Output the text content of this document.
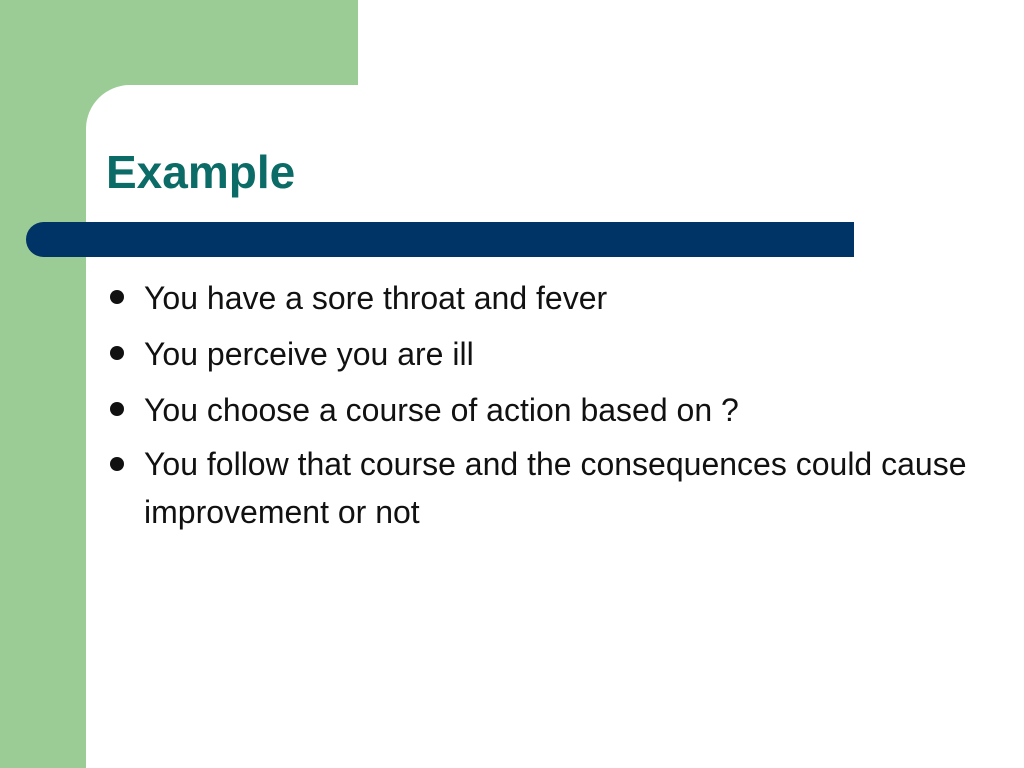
Example
You have a sore throat and fever
You perceive you are ill
You choose a course of action based on ?
You follow that course and the consequences could cause improvement or not
